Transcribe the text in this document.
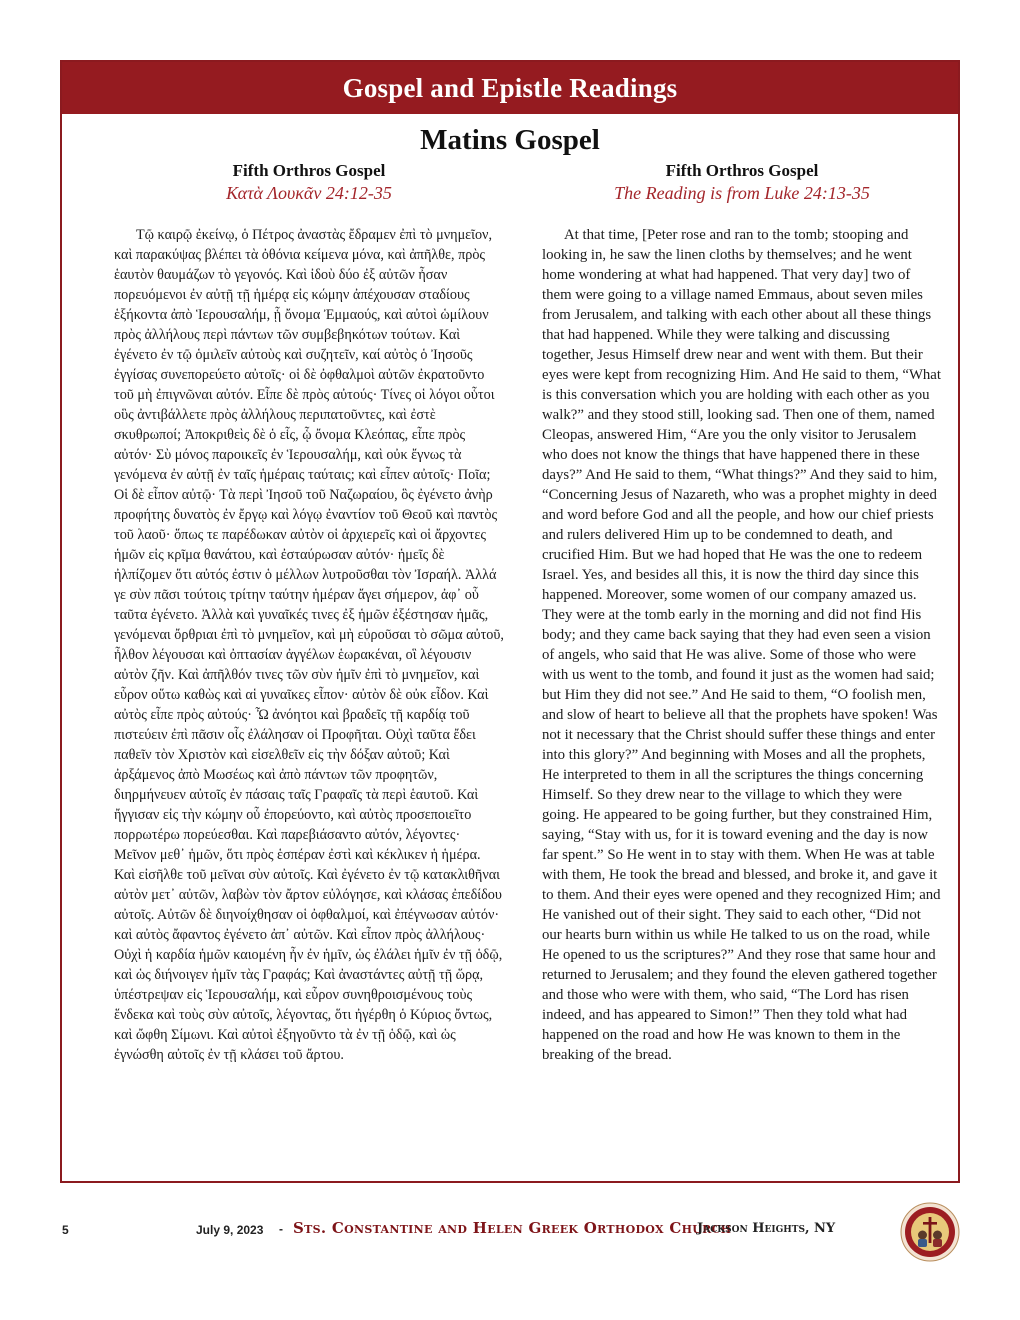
Gospel and Epistle Readings
Matins Gospel
Fifth Orthros Gospel
Κατὰ Λουκᾶν 24:12-35

Τῷ καιρῷ ἐκείνῳ, ὁ Πέτρος ἀναστὰς ἔδραμεν ἐπὶ τὸ μνημεῖον, καὶ παρακύψας βλέπει τὰ ὀθόνια κείμενα μόνα, καὶ ἀπῆλθε, πρὸς ἑαυτὸν θαυμάζων τὸ γεγονός. Καὶ ἰδοὺ δύο ἐξ αὐτῶν ἦσαν πορευόμενοι ἐν αὐτῇ τῇ ἡμέρᾳ εἰς κώμην ἀπέχουσαν σταδίους ἑξήκοντα ἀπὸ Ἱερουσαλήμ, ᾗ ὄνομα Ἐμμαούς, καὶ αὐτοὶ ὡμίλουν πρὸς ἀλλήλους περὶ πάντων τῶν συμβεβηκότων τούτων. Καὶ ἐγένετο ἐν τῷ ὁμιλεῖν αὐτοὺς καὶ συζητεῖν, καί αὐτὸς ὁ Ἰησοῦς ἐγγίσας συνεπορεύετο αὐτοῖς· οἱ δὲ ὀφθαλμοὶ αὐτῶν ἐκρατοῦντο τοῦ μὴ ἐπιγνῶναι αὐτόν. Εἶπε δὲ πρὸς αὐτούς· Τίνες οἱ λόγοι οὗτοι οὓς ἀντιβάλλετε πρὸς ἀλλήλους περιπατοῦντες, καὶ ἐστὲ σκυθρωποί; Ἀποκριθεὶς δὲ ὁ εἷς, ᾧ ὄνομα Κλεόπας, εἶπε πρὸς αὐτόν· Σὺ μόνος παροικεῖς ἐν Ἱερουσαλήμ, καὶ οὐκ ἔγνως τὰ γενόμενα ἐν αὐτῇ ἐν ταῖς ἡμέραις ταύταις; καὶ εἶπεν αὐτοῖς· Ποῖα; Οἱ δὲ εἶπον αὐτῷ· Τὰ περὶ Ἰησοῦ τοῦ Ναζωραίου, ὃς ἐγένετο ἀνὴρ προφήτης δυνατὸς ἐν ἔργῳ καὶ λόγῳ ἐναντίον τοῦ Θεοῦ καὶ παντὸς τοῦ λαοῦ· ὅπως τε παρέδωκαν αὐτὸν οἱ ἀρχιερεῖς καὶ οἱ ἄρχοντες ἡμῶν εἰς κρῖμα θανάτου, καὶ ἐσταύρωσαν αὐτόν· ἡμεῖς δὲ ἠλπίζομεν ὅτι αὐτός ἐστιν ὁ μέλλων λυτροῦσθαι τὸν Ἰσραήλ. Ἀλλά γε σὺν πᾶσι τούτοις τρίτην ταύτην ἡμέραν ἄγει σήμερον, ἀφ᾽ οὗ ταῦτα ἐγένετο. Ἀλλὰ καὶ γυναῖκές τινες ἐξ ἡμῶν ἐξέστησαν ἡμᾶς, γενόμεναι ὄρθριαι ἐπὶ τὸ μνημεῖον, καὶ μὴ εὑροῦσαι τὸ σῶμα αὐτοῦ, ἦλθον λέγουσαι καὶ ὀπτασίαν ἀγγέλων ἑωρακέναι, οἳ λέγουσιν αὐτὸν ζῆν. Καὶ ἀπῆλθόν τινες τῶν σὺν ἡμῖν ἐπὶ τὸ μνημεῖον, καὶ εὗρον οὕτω καθὼς καὶ αἱ γυναῖκες εἶπον· αὐτὸν δὲ οὐκ εἶδον. Καὶ αὐτὸς εἶπε πρὸς αὐτούς· Ὦ ἀνόητοι καὶ βραδεῖς τῇ καρδίᾳ τοῦ πιστεύειν ἐπὶ πᾶσιν οἷς ἐλάλησαν οἱ Προφῆται. Οὐχὶ ταῦτα ἔδει παθεῖν τὸν Χριστὸν καὶ εἰσελθεῖν εἰς τὴν δόξαν αὐτοῦ; Καὶ ἀρξάμενος ἀπὸ Μωσέως καὶ ἀπὸ πάντων τῶν προφητῶν, διηρμήνευεν αὐτοῖς ἐν πάσαις ταῖς Γραφαῖς τὰ περὶ ἑαυτοῦ. Καὶ ἤγγισαν εἰς τὴν κώμην οὗ ἐπορεύοντο, καὶ αὐτὸς προσεποιεῖτο πορρωτέρω πορεύεσθαι. Καὶ παρεβιάσαντο αὐτόν, λέγοντες· Μεῖνον μεθ᾽ ἡμῶν, ὅτι πρὸς ἑσπέραν ἐστὶ καὶ κέκλικεν ἡ ἡμέρα. Καὶ εἰσῆλθε τοῦ μεῖναι σὺν αὐτοῖς. Καὶ ἐγένετο ἐν τῷ κατακλιθῆναι αὐτὸν μετ᾽ αὐτῶν, λαβὼν τὸν ἄρτον εὐλόγησε, καὶ κλάσας ἐπεδίδου αὐτοῖς. Αὐτῶν δὲ διηνοίχθησαν οἱ ὀφθαλμοί, καὶ ἐπέγνωσαν αὐτόν· καὶ αὐτὸς ἄφαντος ἐγένετο ἀπ᾽ αὐτῶν. Καὶ εἶπον πρὸς ἀλλήλους· Οὐχὶ ἡ καρδία ἡμῶν καιομένη ἦν ἐν ἡμῖν, ὡς ἐλάλει ἡμῖν ἐν τῇ ὁδῷ, καὶ ὡς διήνοιγεν ἡμῖν τὰς Γραφάς; Καὶ ἀναστάντες αὐτῇ τῇ ὥρᾳ, ὑπέστρεψαν εἰς Ἱερουσαλήμ, καὶ εὗρον συνηθροισμένους τοὺς ἕνδεκα καὶ τοὺς σὺν αὐτοῖς, λέγοντας, ὅτι ἠγέρθη ὁ Κύριος ὄντως, καὶ ὤφθη Σίμωνι. Καὶ αὐτοὶ ἐξηγοῦντο τὰ ἐν τῇ ὁδῷ, καὶ ὡς ἐγνώσθη αὐτοῖς ἐν τῇ κλάσει τοῦ ἄρτου.

Fifth Orthros Gospel
The Reading is from Luke 24:13-35

At that time, [Peter rose and ran to the tomb; stooping and looking in, he saw the linen cloths by themselves; and he went home wondering at what had happened. That very day] two of them were going to a village named Emmaus, about seven miles from Jerusalem, and talking with each other about all these things that had happened. While they were talking and discussing together, Jesus Himself drew near and went with them. But their eyes were kept from recognizing Him. And He said to them, “What is this conversation which you are holding with each other as you walk?” and they stood still, looking sad. Then one of them, named Cleopas, answered Him, “Are you the only visitor to Jerusalem who does not know the things that have happened there in these days?” And He said to them, “What things?” And they said to him, “Concerning Jesus of Nazareth, who was a prophet mighty in deed and word before God and all the people, and how our chief priests and rulers delivered Him up to be condemned to death, and crucified Him. But we had hoped that He was the one to redeem Israel. Yes, and besides all this, it is now the third day since this happened. Moreover, some women of our company amazed us. They were at the tomb early in the morning and did not find His body; and they came back saying that they had even seen a vision of angels, who said that He was alive. Some of those who were with us went to the tomb, and found it just as the women had said; but Him they did not see.” And He said to them, “O foolish men, and slow of heart to believe all that the prophets have spoken! Was not it necessary that the Christ should suffer these things and enter into this glory?” And beginning with Moses and all the prophets, He interpreted to them in all the scriptures the things concerning Himself. So they drew near to the village to which they were going. He appeared to be going further, but they constrained Him, saying, “Stay with us, for it is toward evening and the day is now far spent.” So He went in to stay with them. When He was at table with them, He took the bread and blessed, and broke it, and gave it to them. And their eyes were opened and they recognized Him; and He vanished out of their sight. They said to each other, “Did not our hearts burn within us while He talked to us on the road, while He opened to us the scriptures?” And they rose that same hour and returned to Jerusalem; and they found the eleven gathered together and those who were with them, who said, “The Lord has risen indeed, and has appeared to Simon!” Then they told what had happened on the road and how He was known to them in the breaking of the bread.

5	July 9, 2023 - Sts. Constantine and Helen Greek Orthodox Church
Jackson Heights, NY
